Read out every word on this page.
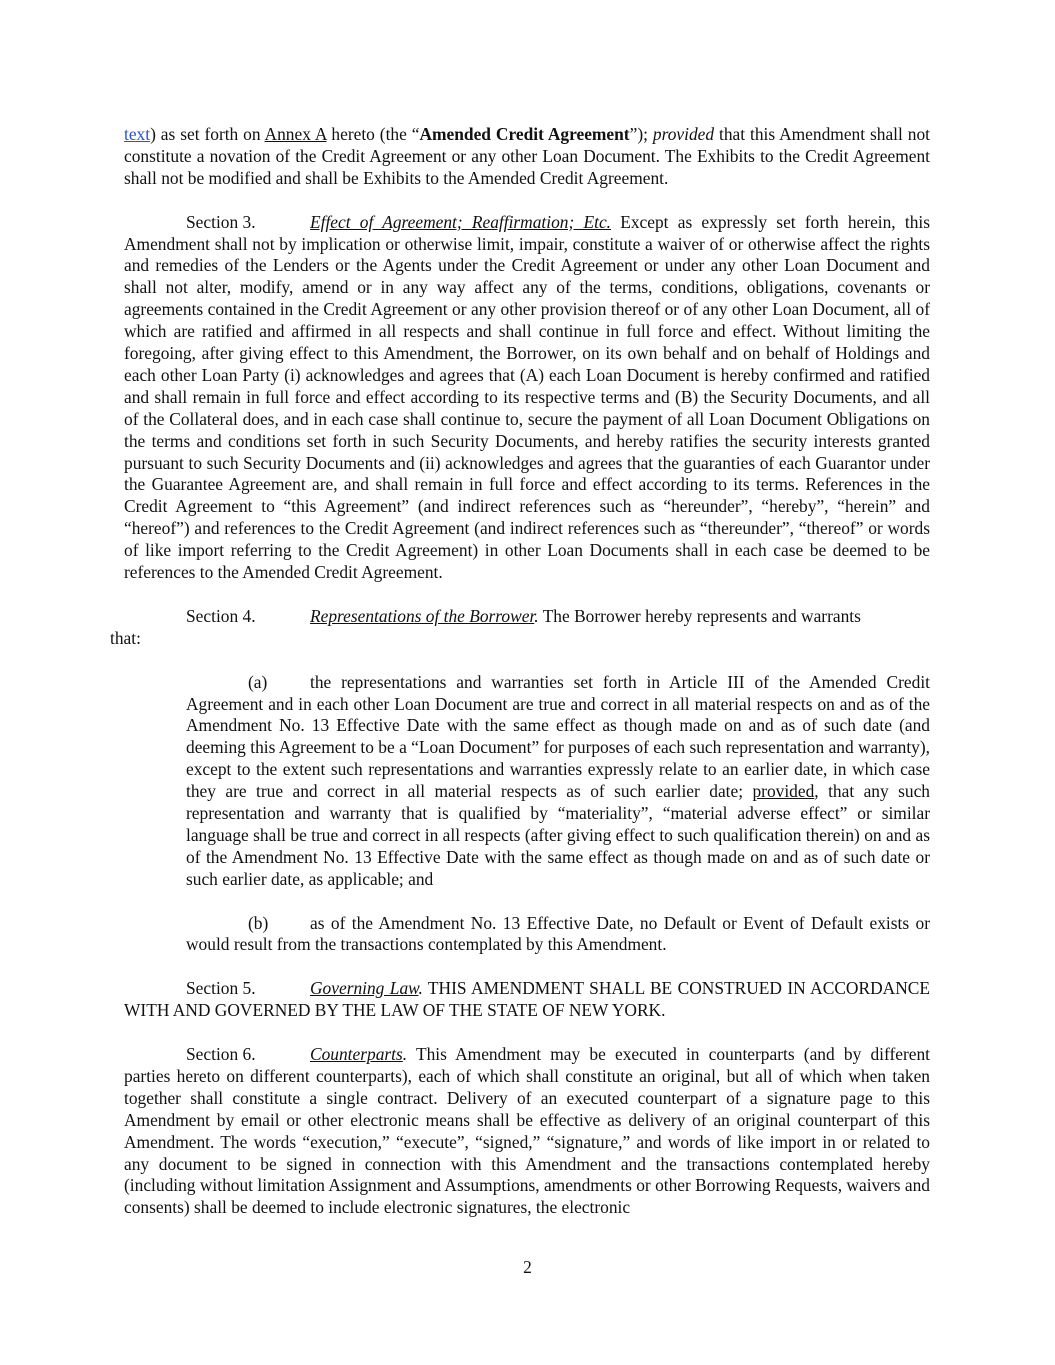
text) as set forth on Annex A hereto (the “Amended Credit Agreement”); provided that this Amendment shall not constitute a novation of the Credit Agreement or any other Loan Document. The Exhibits to the Credit Agreement shall not be modified and shall be Exhibits to the Amended Credit Agreement.

Section 3.	Effect of Agreement; Reaffirmation; Etc. Except as expressly set forth herein, this Amendment shall not by implication or otherwise limit, impair, constitute a waiver of or otherwise affect the rights and remedies of the Lenders or the Agents under the Credit Agreement or under any other Loan Document and shall not alter, modify, amend or in any way affect any of the terms, conditions, obligations, covenants or agreements contained in the Credit Agreement or any other provision thereof or of any other Loan Document, all of which are ratified and affirmed in all respects and shall continue in full force and effect. Without limiting the foregoing, after giving effect to this Amendment, the Borrower, on its own behalf and on behalf of Holdings and each other Loan Party (i) acknowledges and agrees that (A) each Loan Document is hereby confirmed and ratified and shall remain in full force and effect according to its respective terms and (B) the Security Documents, and all of the Collateral does, and in each case shall continue to, secure the payment of all Loan Document Obligations on the terms and conditions set forth in such Security Documents, and hereby ratifies the security interests granted pursuant to such Security Documents and (ii) acknowledges and agrees that the guaranties of each Guarantor under the Guarantee Agreement are, and shall remain in full force and effect according to its terms. References in the Credit Agreement to “this Agreement” (and indirect references such as “hereunder”, “hereby”, “herein” and “hereof”) and references to the Credit Agreement (and indirect references such as “thereunder”, “thereof” or words of like import referring to the Credit Agreement) in other Loan Documents shall in each case be deemed to be references to the Amended Credit Agreement.

Section 4.	Representations of the Borrower. The Borrower hereby represents and warrants

that:

(a) the representations and warranties set forth in Article III of the Amended Credit Agreement and in each other Loan Document are true and correct in all material respects on and as of the Amendment No. 13 Effective Date with the same effect as though made on and as of such date (and deeming this Agreement to be a “Loan Document” for purposes of each such representation and warranty), except to the extent such representations and warranties expressly relate to an earlier date, in which case they are true and correct in all material respects as of such earlier date; provided, that any such representation and warranty that is qualified by “materiality”, “material adverse effect” or similar language shall be true and correct in all respects (after giving effect to such qualification therein) on and as of the Amendment No. 13 Effective Date with the same effect as though made on and as of such date or such earlier date, as applicable; and

(b) as of the Amendment No. 13 Effective Date, no Default or Event of Default exists or would result from the transactions contemplated by this Amendment.

Section 5.	Governing Law. THIS AMENDMENT SHALL BE CONSTRUED IN ACCORDANCE WITH AND GOVERNED BY THE LAW OF THE STATE OF NEW YORK.

Section 6.	Counterparts. This Amendment may be executed in counterparts (and by different parties hereto on different counterparts), each of which shall constitute an original, but all of which when taken together shall constitute a single contract. Delivery of an executed counterpart of a signature page to this Amendment by email or other electronic means shall be effective as delivery of an original counterpart of this Amendment. The words “execution,” “execute”, “signed,” “signature,” and words of like import in or related to any document to be signed in connection with this Amendment and the transactions contemplated hereby (including without limitation Assignment and Assumptions, amendments or other Borrowing Requests, waivers and consents) shall be deemed to include electronic signatures, the electronic

2
